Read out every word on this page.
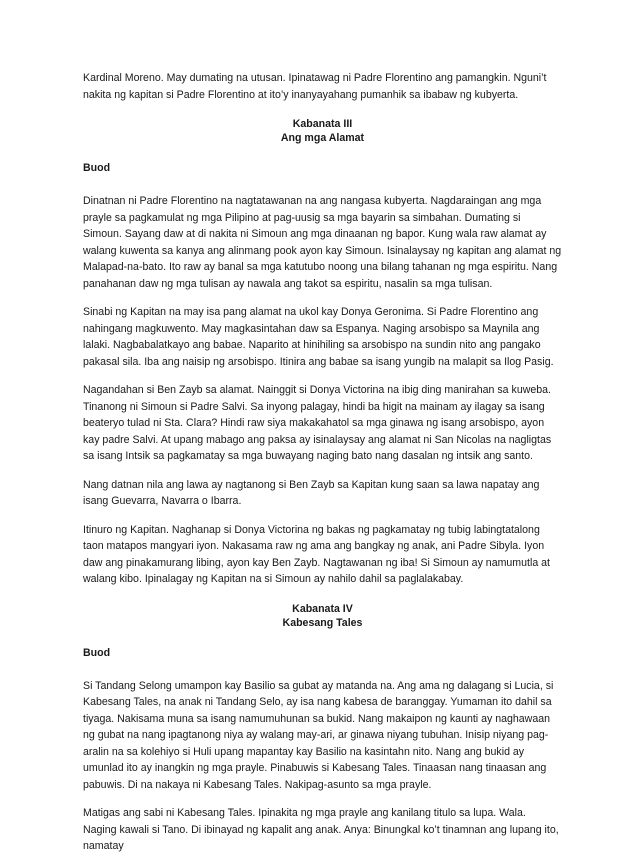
Kardinal Moreno. May dumating na utusan. Ipinatawag ni Padre Florentino ang pamangkin. Nguni’t nakita ng kapitan si Padre Florentino at ito’y inanyayahang pumanhik sa ibabaw ng kubyerta.

Kabanata III
Ang mga Alamat
Buod

Dinatnan ni Padre Florentino na nagtatawanan na ang nangasa kubyerta. Nagdaraingan ang mga prayle sa pagkamulat ng mga Pilipino at pag-uusig sa mga bayarin sa simbahan. Dumating si Simoun. Sayang daw at di nakita ni Simoun ang mga dinaanan ng bapor. Kung wala raw alamat ay walang kuwenta sa kanya ang alinmang pook ayon kay Simoun. Isinalaysay ng kapitan ang alamat ng Malapad-na-bato. Ito raw ay banal sa mga katutubo noong una bilang tahanan ng mga espiritu. Nang panahanan daw ng mga tulisan ay nawala ang takot sa espiritu, nasalin sa mga tulisan.

Sinabi ng Kapitan na may isa pang alamat na ukol kay Donya Geronima. Si Padre Florentino ang nahingang magkuwento. May magkasintahan daw sa Espanya. Naging arsobispo sa Maynila ang lalaki. Nagbabalatkayo ang babae. Naparito at hinihiling sa arsobispo na sundin nito ang pangako pakasal sila. Iba ang naisip ng arsobispo. Itinira ang babae sa isang yungib na malapit sa Ilog Pasig.

Nagandahan si Ben Zayb sa alamat. Nainggit si Donya Victorina na ibig ding manirahan sa kuweba. Tinanong ni Simoun si Padre Salvi. Sa inyong palagay, hindi ba higit na mainam ay ilagay sa isang beateryo tulad ni Sta. Clara? Hindi raw siya makakahatol sa mga ginawa ng isang arsobispo, ayon kay padre Salvi. At upang mabago ang paksa ay isinalaysay ang alamat ni San Nicolas na nagligtas sa isang Intsik sa pagkamatay sa mga buwayang naging bato nang dasalan ng intsik ang santo.

Nang datnan nila ang lawa ay nagtanong si Ben Zayb sa Kapitan kung saan sa lawa napatay ang isang Guevarra, Navarra o Ibarra.

Itinuro ng Kapitan. Naghanap si Donya Victorina ng bakas ng pagkamatay ng tubig labingtatalong taon matapos mangyari iyon. Nakasama raw ng ama ang bangkay ng anak, ani Padre Sibyla. Iyon daw ang pinakamurang libing, ayon kay Ben Zayb. Nagtawanan ng iba! Si Simoun ay namumutla at walang kibo. Ipinalagay ng Kapitan na si Simoun ay nahilo dahil sa paglalakabay.

Kabanata IV
Kabesang Tales
Buod

Si Tandang Selong umampon kay Basilio sa gubat ay matanda na. Ang ama ng dalagang si Lucia, si Kabesang Tales, na anak ni Tandang Selo, ay isa nang kabesa de baranggay. Yumaman ito dahil sa tiyaga. Nakisama muna sa isang namumuhunan sa bukid. Nang makaipon ng kaunti ay naghawaan ng gubat na nang ipagtanong niya ay walang may-ari, ar ginawa niyang tubuhan. Inisip niyang pag-aralin na sa kolehiyo si Huli upang mapantay kay Basilio na kasintahn nito. Nang ang bukid ay umunlad ito ay inangkin ng mga prayle. Pinabuwis si Kabesang Tales. Tinaasan nang tinaasan ang pabuwis. Di na nakaya ni Kabesang Tales. Nakipag-asunto sa mga prayle.

Matigas ang sabi ni Kabesang Tales. Ipinakita ng mga prayle ang kanilang titulo sa lupa. Wala. Naging kawali si Tano. Di ibinayad ng kapalit ang anak. Anya: Binungkal ko’t tinamnan ang lupang ito, namatay
